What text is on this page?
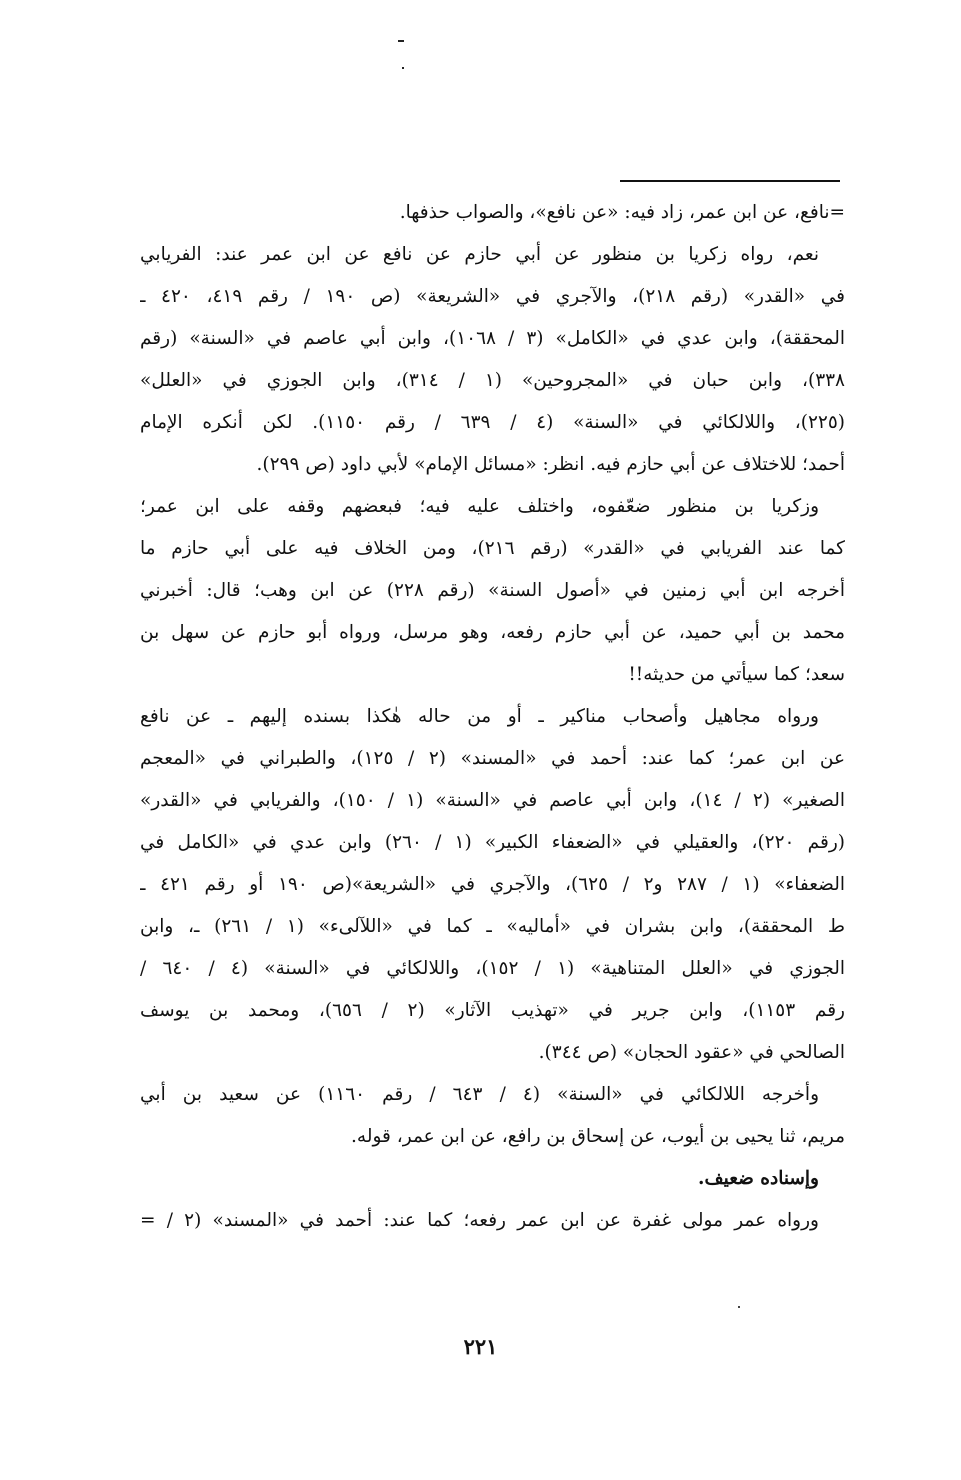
=نافع، عن ابن عمر، زاد فيه: «عن نافع»، والصواب حذفها.
نعم، رواه زكريا بن منظور عن أبي حازم عن نافع عن ابن عمر عند: الفريابي
في «القدر» (رقم ٢١٨)، والآجري في «الشريعة» (ص ١٩٠ / رقم ٤١٩، ٤٢٠ ـ
المحققة)، وابن عدي في «الكامل» (٣ / ١٠٦٨)، وابن أبي عاصم في «السنة» (رقم
٣٣٨)، وابن حبان في «المجروحين» (١ / ٣١٤)، وابن الجوزي في «العلل»
(٢٢٥)، واللالكائي في «السنة» (٤ / ٦٣٩ / رقم ١١٥٠). لكن أنكره الإمام
أحمد؛ للاختلاف عن أبي حازم فيه. انظر: «مسائل الإمام» لأبي داود (ص ٢٩٩).
وزكريا بن منظور ضعّفوه، واختلف عليه فيه؛ فبعضهم وقفه على ابن عمر؛
كما عند الفريابي في «القدر» (رقم ٢١٦)، ومن الخلاف فيه على أبي حازم ما
أخرجه ابن أبي زمنين في «أصول السنة» (رقم ٢٢٨) عن ابن وهب؛ قال: أخبرني
محمد بن أبي حميد، عن أبي حازم رفعه، وهو مرسل، ورواه أبو حازم عن سهل بن
سعد؛ كما سيأتي من حديثه!!
ورواه مجاهيل وأصحاب مناكير ـ أو من حاله هٰكذا بسنده إليهم ـ عن نافع
عن ابن عمر؛ كما عند: أحمد في «المسند» (٢ / ١٢٥)، والطبراني في «المعجم
الصغير» (٢ / ١٤)، وابن أبي عاصم في «السنة» (١ / ١٥٠)، والفريابي في «القدر»
(رقم ٢٢٠)، والعقيلي في «الضعفاء الكبير» (١ / ٢٦٠) وابن عدي في «الكامل في
الضعفاء» (١ / ٢٨٧ و٢ / ٦٢٥)، والآجري في «الشريعة»(ص ١٩٠ أو رقم ٤٢١ ـ
ط المحققة)، وابن بشران في «أماليه» ـ كما في «اللآلىء» (١ / ٢٦١) ـ، وابن
الجوزي في «العلل المتناهية» (١ / ١٥٢)، واللالكائي في «السنة» (٤ / ٦٤٠ /
رقم ١١٥٣)، وابن جرير في «تهذيب الآثار» (٢ / ٦٥٦)، ومحمد بن يوسف
الصالحي في «عقود الحجان» (ص ٣٤٤).
وأخرجه اللالكائي في «السنة» (٤ / ٦٤٣ / رقم ١١٦٠) عن سعيد بن أبي
مريم، ثنا يحيى بن أيوب، عن إسحاق بن رافع، عن ابن عمر، قوله.
وإسناده ضعيف.
ورواه عمر مولى غفرة عن ابن عمر رفعه؛ كما عند: أحمد في «المسند» (٢ / =
٢٢١
